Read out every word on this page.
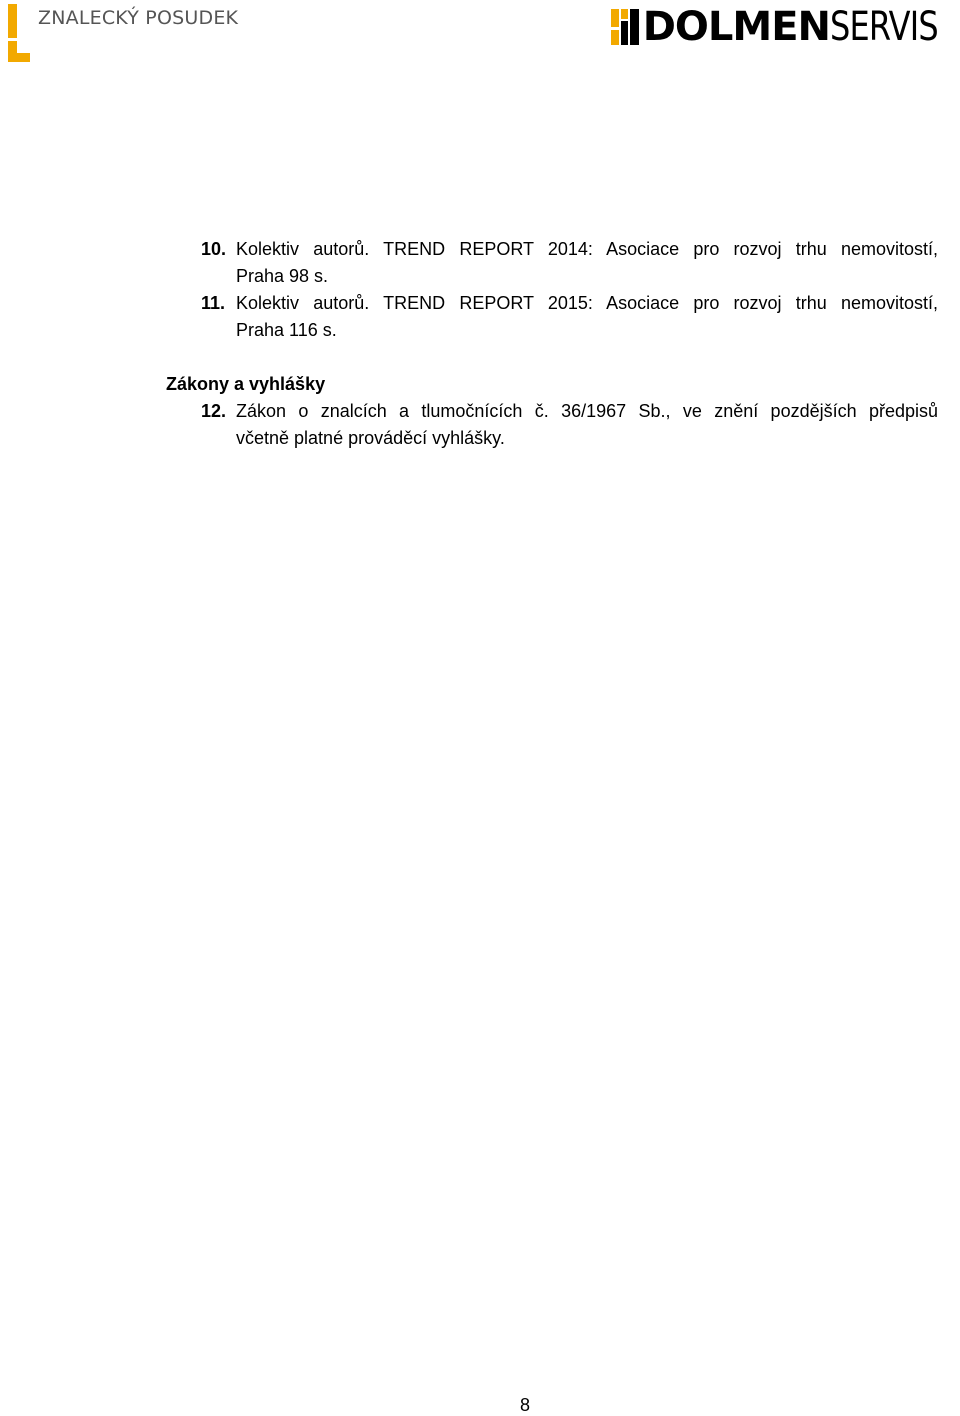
ZNALECKÝ POSUDEK	DOLMEN SERVIS
10. Kolektiv autorů. TREND REPORT 2014: Asociace pro rozvoj trhu nemovitostí,
Praha 98 s.
11. Kolektiv autorů. TREND REPORT 2015: Asociace pro rozvoj trhu nemovitostí,
Praha 116 s.
Zákony a vyhlášky
12. Zákon o znalcích a tlumočnících č. 36/1967 Sb., ve znění pozdějších předpisů
včetně platné prováděcí vyhlášky.
8
